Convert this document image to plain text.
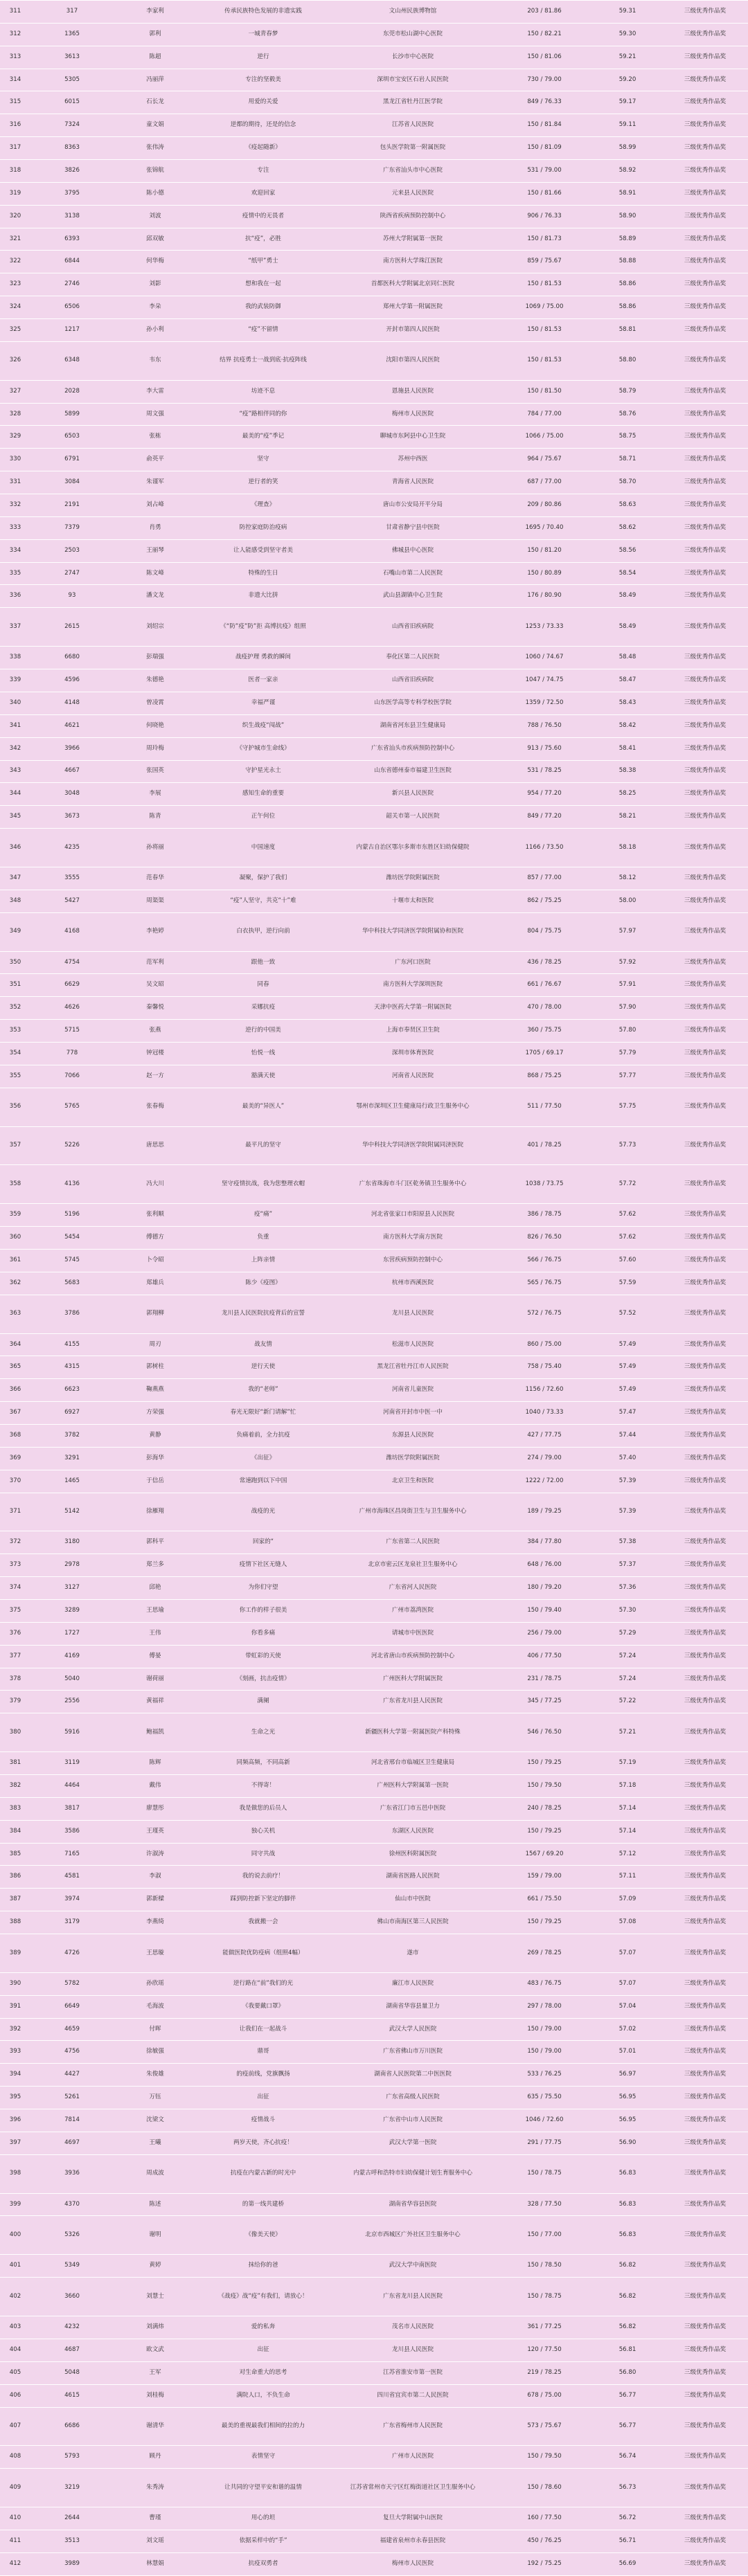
311	317	李家利	传承民族特色发展的非遗实践	文山州民族博物馆	203 / 81.86	59.31	三级优秀作品奖
312	1365	郭利	一城青春梦	东莞市松山湖中心医院	150 / 82.21	59.30	三级优秀作品奖
313	3613	陈超	逆行	长沙市中心医院	150 / 81.06	59.21	三级优秀作品奖
314	5305	冯丽萍	专注的坚毅美	深圳市宝安区石岩人民医院	730 / 79.00	59.20	三级优秀作品奖
315	6015	石长龙	用爱的关爱	黑龙江省牡丹江医学院	849 / 76.33	59.17	三级优秀作品奖
316	7324	童文娟	逆都的期待，还是的信念	江苏省人民医院	150 / 81.84	59.11	三级优秀作品奖
317	8363	张伟涛	《疫起随新》	包头医学院第一附属医院	150 / 81.09	58.99	三级优秀作品奖
318	3826	张锦航	专注	广东省汕头市中心医院	531 / 79.00	58.92	三级优秀作品奖
319	3795	陈小德	欢迎回家	元来县人民医院	150 / 81.66	58.91	三级优秀作品奖
320	3138	刘波	疫情中的无畏者	陕西省疾病预防控制中心	906 / 76.33	58.90	三级优秀作品奖
321	6393	邱双敏	抗“疫”，必胜	苏州大学附属第一医院	150 / 81.73	58.89	三级优秀作品奖
322	6844	何华梅	“纸甲”勇士	南方医科大学珠江医院	859 / 75.67	58.88	三级优秀作品奖
323	2746	刘影	想和我在一起	首都医科大学附属北京同仁医院	150 / 81.53	58.86	三级优秀作品奖
324	6506	李朵	我的武装防御	郑州大学第一附属医院	1069 / 75.00	58.86	三级优秀作品奖
325	1217	孙小利	“疫”不留情	开封市第四人民医院	150 / 81.53	58.81	三级优秀作品奖
326	6348	韦东	结界 抗疫勇士一战到底·抗疫阵线	沈阳市第四人民医院	150 / 81.53	58.80	三级优秀作品奖
327	2028	李大雷	坊迹不息	恩施县人民医院	150 / 81.50	58.79	三级优秀作品奖
328	5899	周文强	“疫”路相伴同的你	梅州市人民医院	784 / 77.00	58.76	三级优秀作品奖
329	6503	张栋	最美的“疫”季记	聊城市东阿县中心卫生院	1066 / 75.00	58.75	三级优秀作品奖
330	6791	俞英平	坚守	苏州中西医	964 / 75.67	58.71	三级优秀作品奖
331	3084	朱谨军	逆行者的笑	青海省人民医院	687 / 77.00	58.70	三级优秀作品奖
332	2191	刘占峰	《理查》	唐山市公安局开平分局	209 / 80.86	58.63	三级优秀作品奖
333	7379	肖勇	防控家庭防治疫病	甘肃省静宁县中医院	1695 / 70.40	58.62	三级优秀作品奖
334	2503	王丽琴	让人能感受到坚守者美	佛城县中心医院	150 / 81.20	58.56	三级优秀作品奖
335	2747	陈文峰	特殊的生日	石嘴山市第二人民医院	150 / 80.89	58.54	三级优秀作品奖
336	93	潘文龙	非遗大比拼	武山县湖镇中心卫生院	176 / 80.90	58.49	三级优秀作品奖
337	2615	刘绍宗	《“防”疫”防”拒 高博抗疫》组照	山西省旧疾病院	1253 / 73.33	58.49	三级优秀作品奖
338	6680	彭瑞强	战疫护理 勇救的瞬间	奉化区第二人民医院	1060 / 74.67	58.48	三级优秀作品奖
339	4596	朱德艳	医者一家亲	山西省旧疾病院	1047 / 74.75	58.47	三级优秀作品奖
340	4148	曾凌霄	幸福严谨	山东医学高等专科学校医学院	1359 / 72.50	58.43	三级优秀作品奖
341	4621	何晓艳	织生战疫“闯战”	湖南省河东县卫生健康局	788 / 76.50	58.42	三级优秀作品奖
342	3966	周玲梅	《守护城市生命线》	广东省汕头市疾病预防控制中心	913 / 75.60	58.41	三级优秀作品奖
343	4667	张国英	守护星光永土	山东省德州泰市福建卫生医院	531 / 78.25	58.38	三级优秀作品奖
344	3048	李展	感知生命的重要	新兴县人民医院	954 / 77.20	58.25	三级优秀作品奖
345	3673	陈青	正午何位	韶关市第一人民医院	849 / 77.20	58.21	三级优秀作品奖
346	4235	孙将丽	中国速度	内蒙古自治区鄂尔多斯市东胜区妇幼保健院	1166 / 73.50	58.18	三级优秀作品奖
347	3555	范春华	凝聚，保护了我们	潍坊医学院附属医院	857 / 77.00	58.12	三级优秀作品奖
348	5427	周渠渠	“疫”人坚守，共克“十”难	十堰市太和医院	862 / 75.25	58.00	三级优秀作品奖
349	4168	李艳婷	白衣执甲，逆行向前	华中科技大学同济医学院附属协和医院	804 / 75.75	57.97	三级优秀作品奖
350	4754	范军利	跟他一致	广东河口医院	436 / 78.25	57.92	三级优秀作品奖
351	6629	吴文昭	同春	南方医科大学深圳医院	661 / 76.67	57.91	三级优秀作品奖
352	4626	秦馨悦	采娜抗疫	天津中医药大学第一附属医院	470 / 78.00	57.90	三级优秀作品奖
353	5715	张燕	逆行的中国美	上海市奉贤区卫生院	360 / 75.75	57.80	三级优秀作品奖
354	778	钟冠楼	怡悦一线	深圳市体育医院	1705 / 69.17	57.79	三级优秀作品奖
355	7066	赵一方	豁满天使	河南省人民医院	868 / 75.25	57.77	三级优秀作品奖
356	5765	张春梅	最美的“异医人”	鄂州市深圳区卫生健康局行政卫生服务中心	511 / 77.50	57.75	三级优秀作品奖
357	5226	唐思思	最平凡的坚守	华中科技大学同济医学院附属同济医院	401 / 78.25	57.73	三级优秀作品奖
358	4136	冯大川	坚守疫情抗战，我为您整理衣帽	广东省珠海市斗门区乾务镇卫生服务中心	1038 / 73.75	57.72	三级优秀作品奖
359	5196	张利顺	疫“痛”	河北省张家口市阳原县人民医院	386 / 78.75	57.62	三级优秀作品奖
360	5454	傅德方	负重	南方医科大学南方医院	826 / 76.50	57.62	三级优秀作品奖
361	5745	卜令昭	上阵亲情	东营疾病预防控制中心	566 / 76.75	57.60	三级优秀作品奖
362	5683	郑雄兵	陈少《疫图》	杭州市西溪医院	565 / 76.75	57.59	三级优秀作品奖
363	3786	郭翔柳	龙川县人民医院抗疫背后的宣誓	龙川县人民医院	572 / 76.75	57.52	三级优秀作品奖
364	4155	周刃	战友情	松滋市人民医院	860 / 75.00	57.49	三级优秀作品奖
365	4315	郭树柱	逆行天使	黑龙江省牡丹江市人民医院	758 / 75.40	57.49	三级优秀作品奖
366	6623	鞠燕燕	我的“老师”	河南省儿童医院	1156 / 72.60	57.49	三级优秀作品奖
367	6927	方荣强	春光无限好“新门请解”忙	河南省开封市中医一中	1040 / 73.33	57.47	三级优秀作品奖
368	3782	黄静	负痛着前，全力抗疫	东源县人民医院	427 / 77.75	57.44	三级优秀作品奖
369	3291	彭海华	《出征》	潍坊医学院附属医院	274 / 79.00	57.40	三级优秀作品奖
370	1465	于信岳	常速跑到以下中国	北京卫生和医院	1222 / 72.00	57.39	三级优秀作品奖
371	5142	徐雁翔	战疫的光	广州市海珠区昌岗街卫生与卫生服务中心	189 / 79.25	57.39	三级优秀作品奖
372	3180	郭科平	回家的“	广东省第二人民医院	384 / 77.80	57.38	三级优秀作品奖
373	2978	郑兰多	疫情下社区无缝人	北京市密云区龙泉社卫生服务中心	648 / 76.00	57.37	三级优秀作品奖
374	3127	邱艳	为你们守望	广东省河人民医院	180 / 79.20	57.36	三级优秀作品奖
375	3289	王思瑜	你工作的样子很美	广州市荔湾医院	150 / 79.40	57.30	三级优秀作品奖
376	1727	王伟	你看多痛	请城市中医医院	256 / 79.00	57.29	三级优秀作品奖
377	4169	傅晏	带虹彩的天使	河北省唐山市疾病预防控制中心	406 / 77.50	57.24	三级优秀作品奖
378	5040	谢荷丽	《刻画，抗击疫情》	广州医科大学附属医院	231 / 78.75	57.24	三级优秀作品奖
379	2556	黄福祥	满阑	广东省龙川县人民医院	345 / 77.25	57.22	三级优秀作品奖
380	5916	鲍福凯	生命之光	新疆医科大学第一附属医院产科特殊	546 / 76.50	57.21	三级优秀作品奖
381	3119	陈辉	同频高频，不同高新	河北省邢台市临城区卫生健康局	150 / 79.25	57.19	三级优秀作品奖
382	4464	戴伟	不得寄！	广州医科大学附属第一医院	150 / 79.50	57.18	三级优秀作品奖
383	3817	廖慧彤	我是做您的后员人	广东省江门市五邑中医院	240 / 78.25	57.14	三级优秀作品奖
384	3586	王瑾英	独心关机	东湖区人民医院	150 / 79.25	57.14	三级优秀作品奖
385	7165	许淑涛	同守共战	徐州医科附属医院	1567 / 69.20	57.12	三级优秀作品奖
386	4581	李淑	我的说去前疗！	湖南省医路人民医院	159 / 79.00	57.11	三级优秀作品奖
387	3974	郭新樑	踩到防控新下坚定的脚伴	仙山市中医院	661 / 75.50	57.09	三级优秀作品奖
388	3179	李燕绮	我就搬一会	佛山市南海区第三人民医院	150 / 79.25	57.08	三级优秀作品奖
389	4726	王思璇	能做医院优防疫病（组照4幅）	遂市	269 / 78.25	57.07	三级优秀作品奖
390	5782	孙欣瑶	逆行路在“前”我们的光	廉江市人民医院	483 / 76.75	57.07	三级优秀作品奖
391	6649	毛海波	《我要戴口罩》	湖南省华容县量卫力	297 / 78.00	57.04	三级优秀作品奖
392	4659	付晖	让我们在一起战斗	武汉大学人民医院	150 / 79.00	57.02	三级优秀作品奖
393	4756	徐敏强	鼎哥	广东省佛山市万川医院	150 / 79.00	57.01	三级优秀作品奖
394	4427	朱俊雄	的疫前线，党旗飘扬	湖南省人民医院第二中医医院	533 / 76.25	56.97	三级优秀作品奖
395	5261	万钰	出征	广东省高级人民医院	635 / 75.50	56.95	三级优秀作品奖
396	7814	沈梁文	疫情战斗	广东省中山市人民医院	1046 / 72.60	56.95	三级优秀作品奖
397	4697	王曦	两岁天使，齐心抗疫！	武汉大学第一医院	291 / 77.75	56.90	三级优秀作品奖
398	3936	周成波	抗疫在内蒙古新的时光中	内蒙古呼和浩特市妇幼保健计划生育服务中心	150 / 78.75	56.83	三级优秀作品奖
399	4370	陈述	的第一线共建桥	湖南省华容县医院	328 / 77.50	56.83	三级优秀作品奖
400	5326	谢明	《像美天使》	北京市西城区广外社区卫生服务中心	150 / 77.00	56.83	三级优秀作品奖
401	5349	黄婷	抹给你的爸	武汉大学中南医院	150 / 78.50	56.82	三级优秀作品奖
402	3660	刘慧士	《战疫》战“疫”有我们，请放心！	广东省龙川县人民医院	150 / 78.75	56.82	三级优秀作品奖
403	4232	刘满炜	爱的私奔	茂名市人民医院	361 / 77.25	56.82	三级优秀作品奖
404	4687	欧文武	出征	龙川县人民医院	120 / 77.50	56.81	三级优秀作品奖
405	5048	王军	对生命重大的思考	江苏省淮安市第一医院	219 / 78.25	56.80	三级优秀作品奖
406	4615	刘桂梅	满院人口，不负生命	四川省宜宾市第二人民医院	678 / 75.00	56.77	三级优秀作品奖
407	6686	谢清华	最美的重视最我们相间的拉的力	广东省梅州市人民医院	573 / 75.67	56.77	三级优秀作品奖
408	5793	顾丹	表情坚守	广州市人民医院	150 / 79.50	56.74	三级优秀作品奖
409	3219	朱秀涛	让共同的守望平安和谐的温情	江苏省常州市天宁区红梅街道社区卫生服务中心	150 / 78.60	56.73	三级优秀作品奖
410	2644	曹瑾	用心的坦	复旦大学附属中山医院	160 / 77.50	56.72	三级优秀作品奖
411	3513	刘文瑶	依据采样中的“手”	福建省泉州市永春县医院	450 / 76.25	56.71	三级优秀作品奖
412	3989	林慧娟	抗疫双勇者	梅州市人民医院	192 / 75.25	56.69	三级优秀作品奖
